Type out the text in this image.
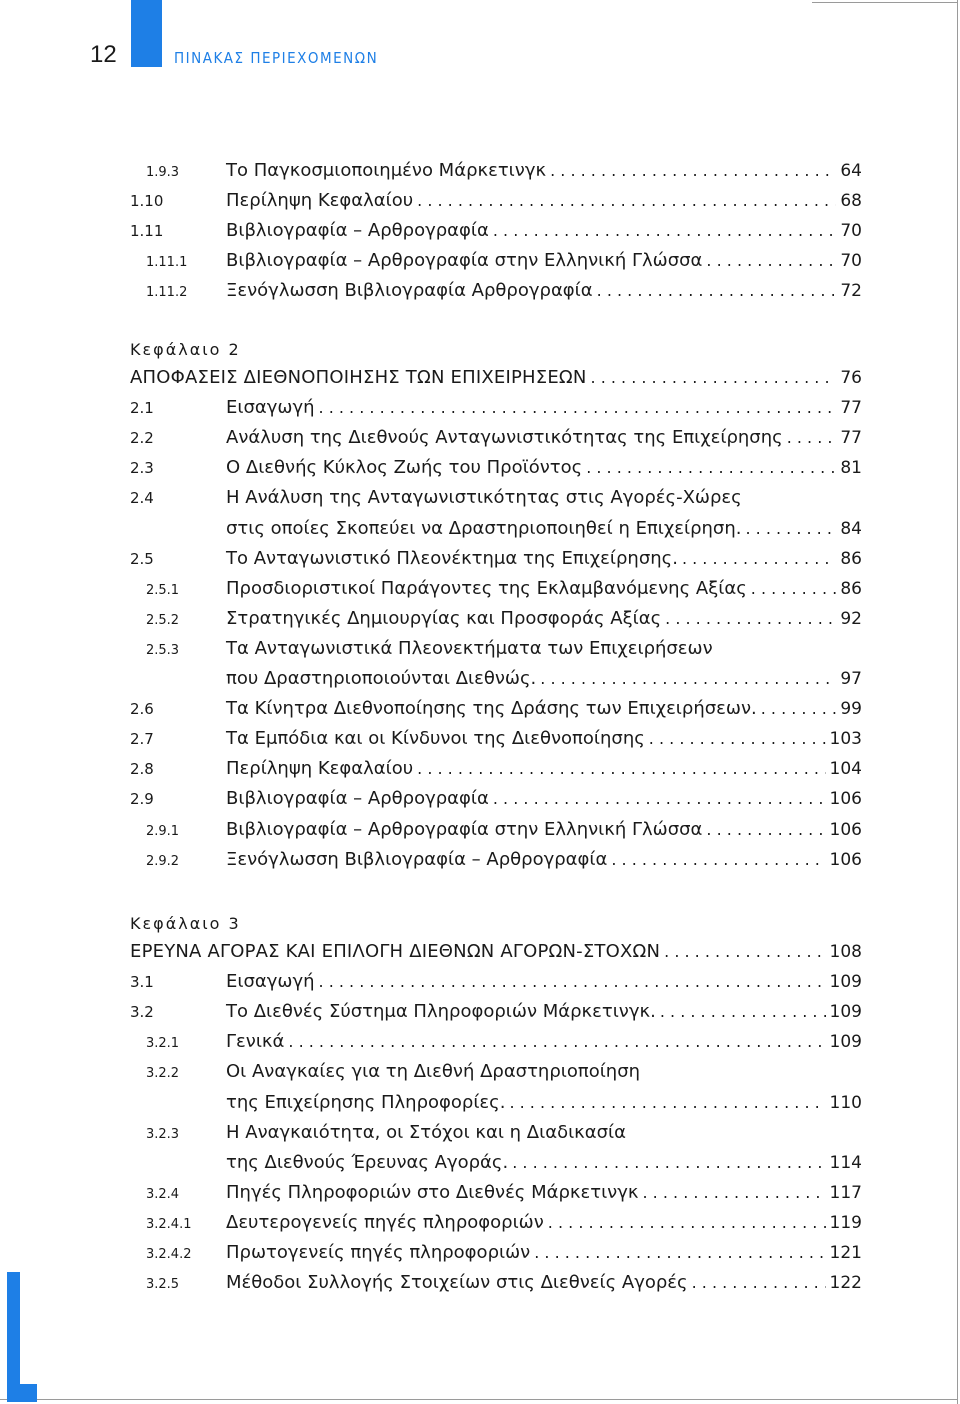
12	ΠΙΝΑΚΑΣ ΠΕΡΙΕΧΟΜΕΝΩΝ
1.9.3	Το Παγκοσμιοποιημένο Μάρκετινγκ . . .	64
1.10	Περίληψη Κεφαλαίου . . .	68
1.11	Βιβλιογραφία – Αρθρογραφία . . .	70
1.11.1	Βιβλιογραφία – Αρθρογραφία στην Ελληνική Γλώσσα . . .	70
1.11.2	Ξενόγλωσση Βιβλιογραφία Αρθρογραφία . . .	72
Κεφάλαιο 2
ΑΠΟΦΑΣΕΙΣ ΔΙΕΘΝΟΠΟΙΗΣΗΣ ΤΩΝ ΕΠΙΧΕΙΡΗΣΕΩΝ . . .	76
2.1	Εισαγωγή . . .	77
2.2	Ανάλυση της Διεθνούς Ανταγωνιστικότητας της Επιχείρησης . . .	77
2.3	Ο Διεθνής Κύκλος Ζωής του Προϊόντος . . .	81
2.4	Η Ανάλυση της Ανταγωνιστικότητας στις Αγορές-Χώρες
στις οποίες Σκοπεύει να Δραστηριοποιηθεί η Επιχείρηση. . . .	84
2.5	Το Ανταγωνιστικό Πλεονέκτημα της Επιχείρησης. . . .	86
2.5.1	Προσδιοριστικοί Παράγοντες της Εκλαμβανόμενης Αξίας . . .	86
2.5.2	Στρατηγικές Δημιουργίας και Προσφοράς Αξίας . . .	92
2.5.3	Τα Ανταγωνιστικά Πλεονεκτήματα των Επιχειρήσεων
που Δραστηριοποιούνται Διεθνώς. . . .	97
2.6	Τα Κίνητρα Διεθνοποίησης της Δράσης των Επιχειρήσεων. . . .	99
2.7	Τα Εμπόδια και οι Κίνδυνοι της Διεθνοποίησης . . .	103
2.8	Περίληψη Κεφαλαίου . . .	104
2.9	Βιβλιογραφία – Αρθρογραφία . . .	106
2.9.1	Βιβλιογραφία – Αρθρογραφία στην Ελληνική Γλώσσα . . .	106
2.9.2	Ξενόγλωσση Βιβλιογραφία – Αρθρογραφία . . .	106
Κεφάλαιο 3
ΕΡΕΥΝΑ ΑΓΟΡΑΣ ΚΑΙ ΕΠΙΛΟΓΗ ΔΙΕΘΝΩΝ ΑΓΟΡΩΝ-ΣΤΟΧΩΝ . . .	108
3.1	Εισαγωγή . . .	109
3.2	Το Διεθνές Σύστημα Πληροφοριών Μάρκετινγκ. . . .	109
3.2.1	Γενικά . . .	109
3.2.2	Οι Αναγκαίες για τη Διεθνή Δραστηριοποίηση
της Επιχείρησης Πληροφορίες. . . .	110
3.2.3	Η Αναγκαιότητα, οι Στόχοι και η Διαδικασία
της Διεθνούς Έρευνας Αγοράς. . . .	114
3.2.4	Πηγές Πληροφοριών στο Διεθνές Μάρκετινγκ . . .	117
3.2.4.1	Δευτερογενείς πηγές πληροφοριών . . .	119
3.2.4.2	Πρωτογενείς πηγές πληροφοριών . . .	121
3.2.5	Μέθοδοι Συλλογής Στοιχείων στις Διεθνείς Αγορές . . .	122
